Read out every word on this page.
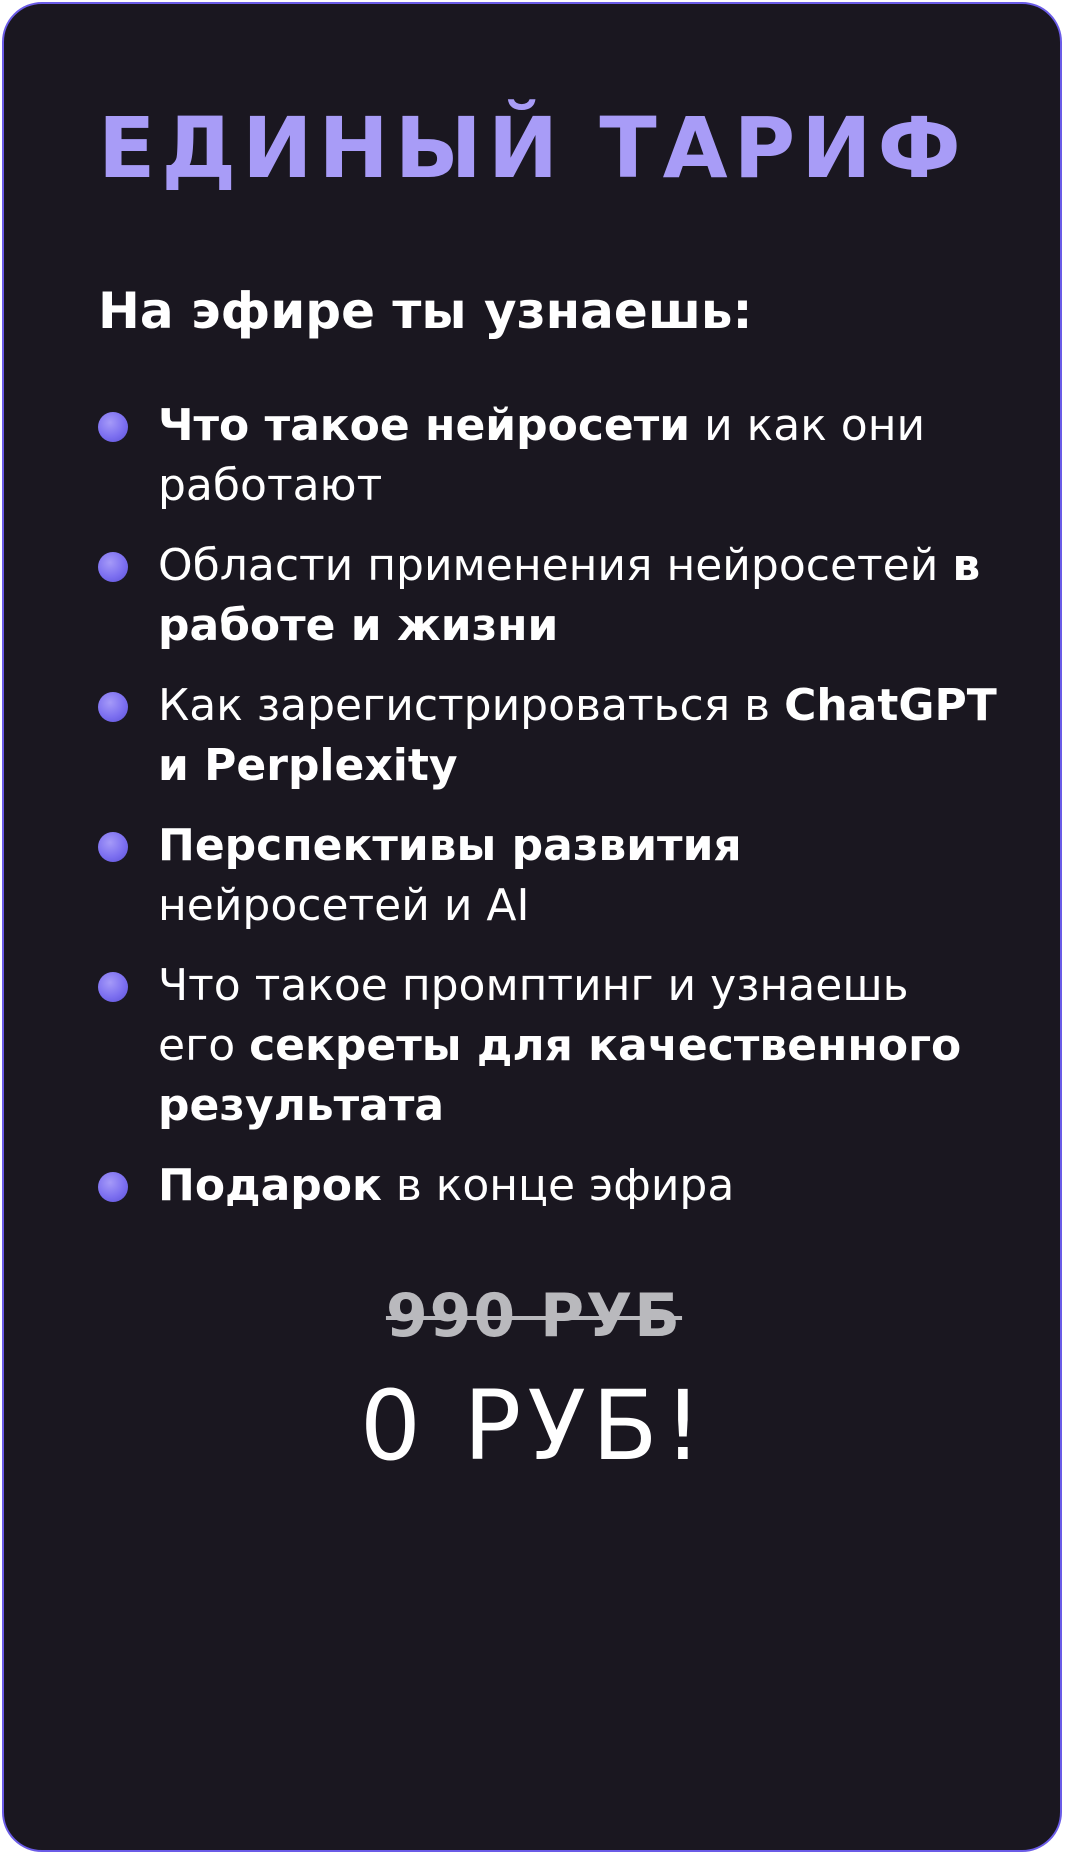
ЕДИНЫЙ ТАРИФ
На эфире ты узнаешь:
Что такое нейросети и как они работают
Области применения нейросетей в работе и жизни
Как зарегистрироваться в ChatGPT и Perplexity
Перспективы развития нейросетей и AI
Что такое промптинг и узнаешь его секреты для качественного результата
Подарок в конце эфира
990 РУБ
0 РУБ!
